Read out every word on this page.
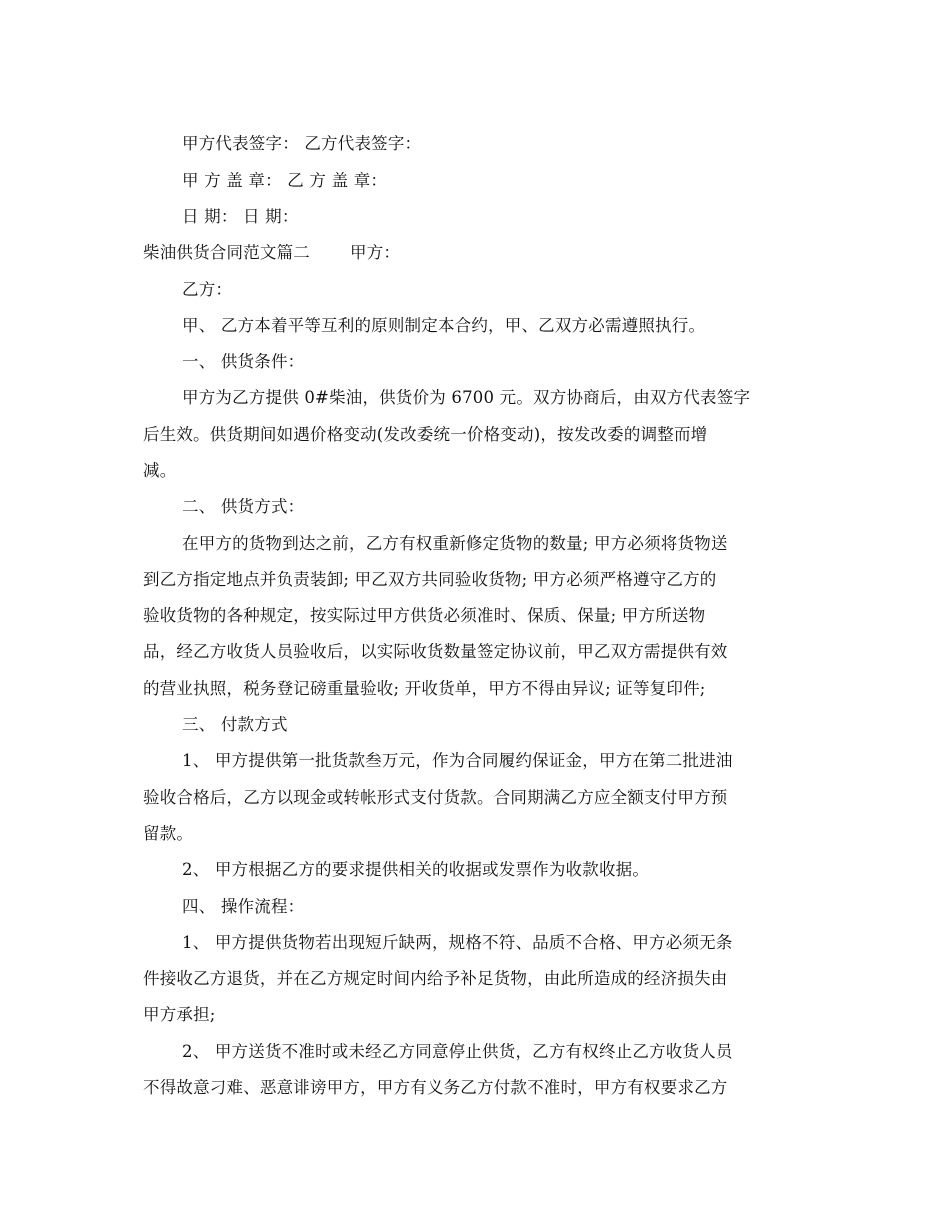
甲方代表签字： 乙方代表签字：
甲 方 盖 章： 乙 方 盖 章：
日 期： 日 期：
柴油供货合同范文篇二 甲方：
乙方：
甲、 乙方本着平等互利的原则制定本合约，甲、乙双方必需遵照执行。
一、 供货条件：
甲方为乙方提供 0#柴油，供货价为 6700 元。双方协商后，由双方代表签字
后生效。供货期间如遇价格变动(发改委统一价格变动)，按发改委的调整而增
减。
二、 供货方式：
在甲方的货物到达之前，乙方有权重新修定货物的数量; 甲方必须将货物送
到乙方指定地点并负责装卸; 甲乙双方共同验收货物; 甲方必须严格遵守乙方的
验收货物的各种规定，按实际过甲方供货必须准时、保质、保量; 甲方所送物
品，经乙方收货人员验收后，以实际收货数量签定协议前，甲乙双方需提供有效
的营业执照，税务登记磅重量验收; 开收货单，甲方不得由异议; 证等复印件;
三、 付款方式
1、 甲方提供第一批货款叁万元，作为合同履约保证金，甲方在第二批进油
验收合格后，乙方以现金或转帐形式支付货款。合同期满乙方应全额支付甲方预
留款。
2、 甲方根据乙方的要求提供相关的收据或发票作为收款收据。
四、 操作流程：
1、 甲方提供货物若出现短斤缺两，规格不符、品质不合格、甲方必须无条
件接收乙方退货，并在乙方规定时间内给予补足货物，由此所造成的经济损失由
甲方承担;
2、 甲方送货不准时或未经乙方同意停止供货，乙方有权终止乙方收货人员
不得故意刁难、恶意诽谤甲方，甲方有义务乙方付款不准时，甲方有权要求乙方
